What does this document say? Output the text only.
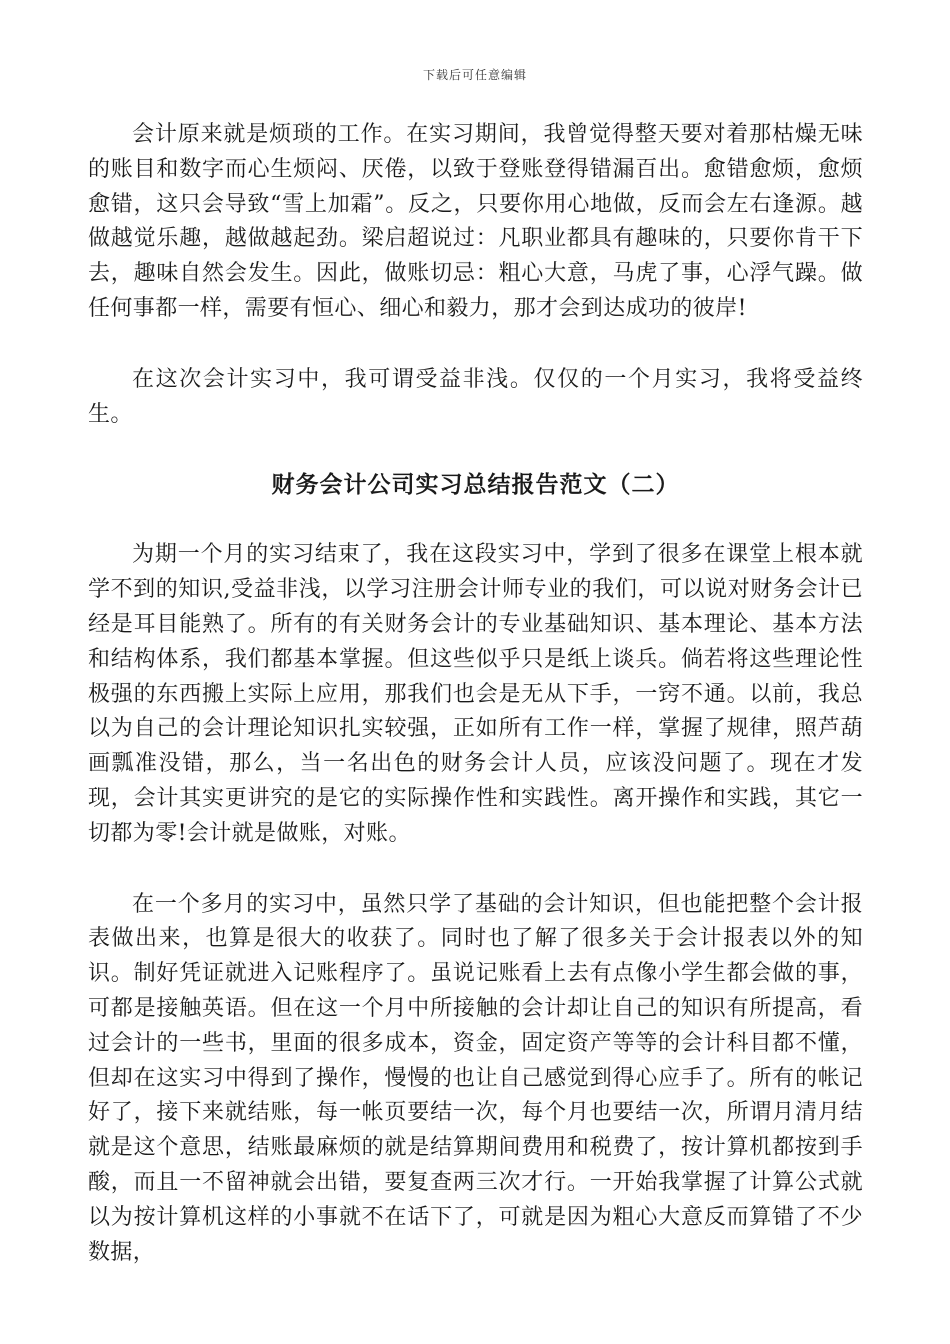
下载后可任意编辑

会计原来就是烦琐的工作。在实习期间，我曾觉得整天要对着那枯燥无味的账目和数字而心生烦闷、厌倦，以致于登账登得错漏百出。愈错愈烦，愈烦愈错，这只会导致“雪上加霜”。反之，只要你用心地做，反而会左右逢源。越做越觉乐趣，越做越起劲。梁启超说过：凡职业都具有趣味的，只要你肯干下去，趣味自然会发生。因此，做账切忌：粗心大意，马虎了事，心浮气躁。做任何事都一样，需要有恒心、细心和毅力，那才会到达成功的彼岸!

在这次会计实习中，我可谓受益非浅。仅仅的一个月实习，我将受益终生。

财务会计公司实习总结报告范文（二）

为期一个月的实习结束了，我在这段实习中，学到了很多在课堂上根本就学不到的知识,受益非浅，以学习注册会计师专业的我们，可以说对财务会计已经是耳目能熟了。所有的有关财务会计的专业基础知识、基本理论、基本方法和结构体系，我们都基本掌握。但这些似乎只是纸上谈兵。倘若将这些理论性极强的东西搬上实际上应用，那我们也会是无从下手，一窍不通。以前，我总以为自己的会计理论知识扎实较强，正如所有工作一样，掌握了规律，照芦葫画瓢准没错，那么，当一名出色的财务会计人员，应该没问题了。现在才发现，会计其实更讲究的是它的实际操作性和实践性。离开操作和实践，其它一切都为零!会计就是做账，对账。

在一个多月的实习中，虽然只学了基础的会计知识，但也能把整个会计报表做出来，也算是很大的收获了。同时也了解了很多关于会计报表以外的知识。制好凭证就进入记账程序了。虽说记账看上去有点像小学生都会做的事，可都是接触英语。但在这一个月中所接触的会计却让自己的知识有所提高，看过会计的一些书，里面的很多成本，资金，固定资产等等的会计科目都不懂，但却在这实习中得到了操作，慢慢的也让自己感觉到得心应手了。所有的帐记好了，接下来就结账，每一帐页要结一次，每个月也要结一次，所谓月清月结就是这个意思，结账最麻烦的就是结算期间费用和税费了，按计算机都按到手酸，而且一不留神就会出错，要复查两三次才行。一开始我掌握了计算公式就以为按计算机这样的小事就不在话下了，可就是因为粗心大意反而算错了不少数据，
